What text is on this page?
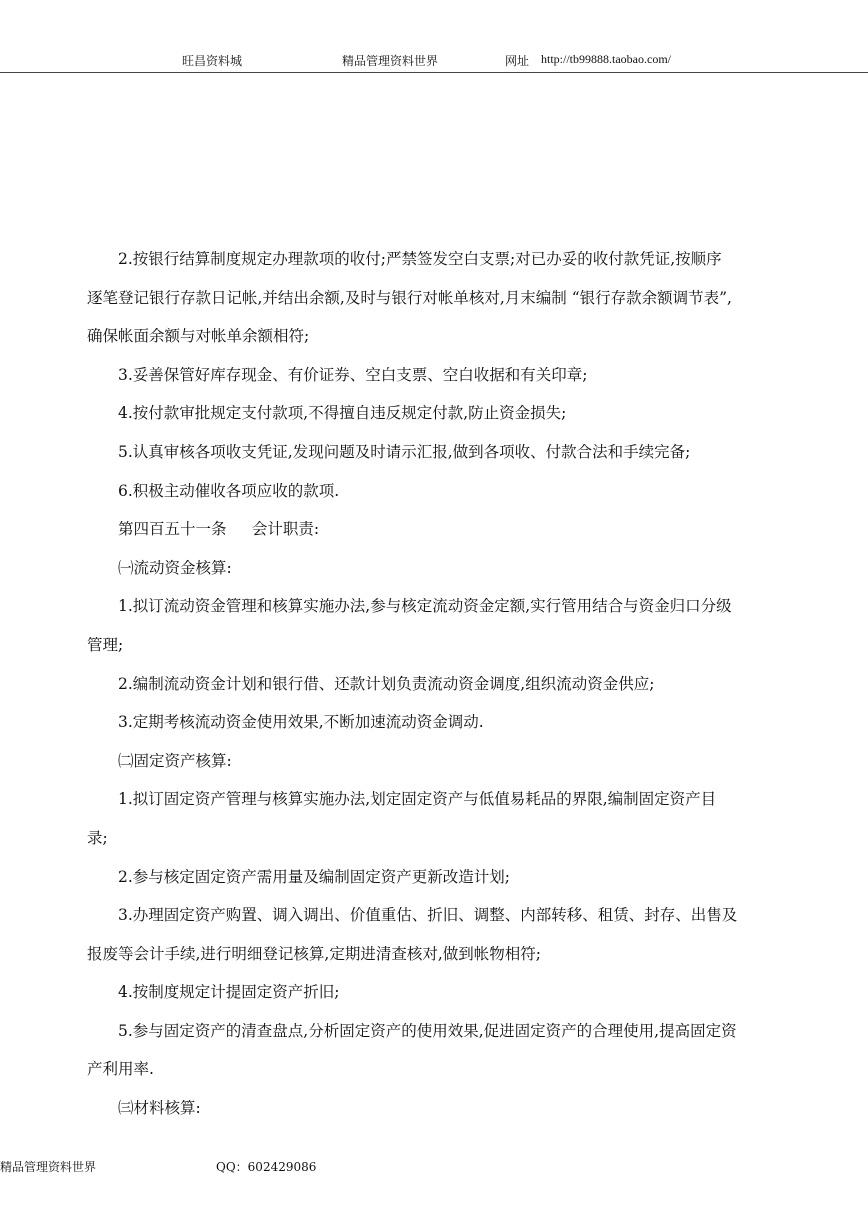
旺昌资料城	精品管理资料世界	网址 http://tb99888.taobao.com/

2.按银行结算制度规定办理款项的收付;严禁签发空白支票;对已办妥的收付款凭证,按顺序

逐笔登记银行存款日记帐,并结出余额,及时与银行对帐单核对,月末编制 “银行存款余额调节表”,

确保帐面余额与对帐单余额相符;

3.妥善保管好库存现金、有价证券、空白支票、空白收据和有关印章;

4.按付款审批规定支付款项,不得擅自违反规定付款,防止资金损失;

5.认真审核各项收支凭证,发现问题及时请示汇报,做到各项收、付款合法和手续完备;

6.积极主动催收各项应收的款项.

第四百五十一条 　 会计职责:

㈠流动资金核算:

1.拟订流动资金管理和核算实施办法,参与核定流动资金定额,实行管用结合与资金归口分级

管理;

2.编制流动资金计划和银行借、还款计划负责流动资金调度,组织流动资金供应;

3.定期考核流动资金使用效果,不断加速流动资金调动.

㈡固定资产核算:

1.拟订固定资产管理与核算实施办法,划定固定资产与低值易耗品的界限,编制固定资产目

录;

2.参与核定固定资产需用量及编制固定资产更新改造计划;

3.办理固定资产购置、调入调出、价值重估、折旧、调整、内部转移、租赁、封存、出售及

报废等会计手续,进行明细登记核算,定期进清查核对,做到帐物相符;

4.按制度规定计提固定资产折旧;

5.参与固定资产的清查盘点,分析固定资产的使用效果,促进固定资产的合理使用,提高固定资

产利用率.

㈢材料核算:

精品管理资料世界	QQ：602429086
